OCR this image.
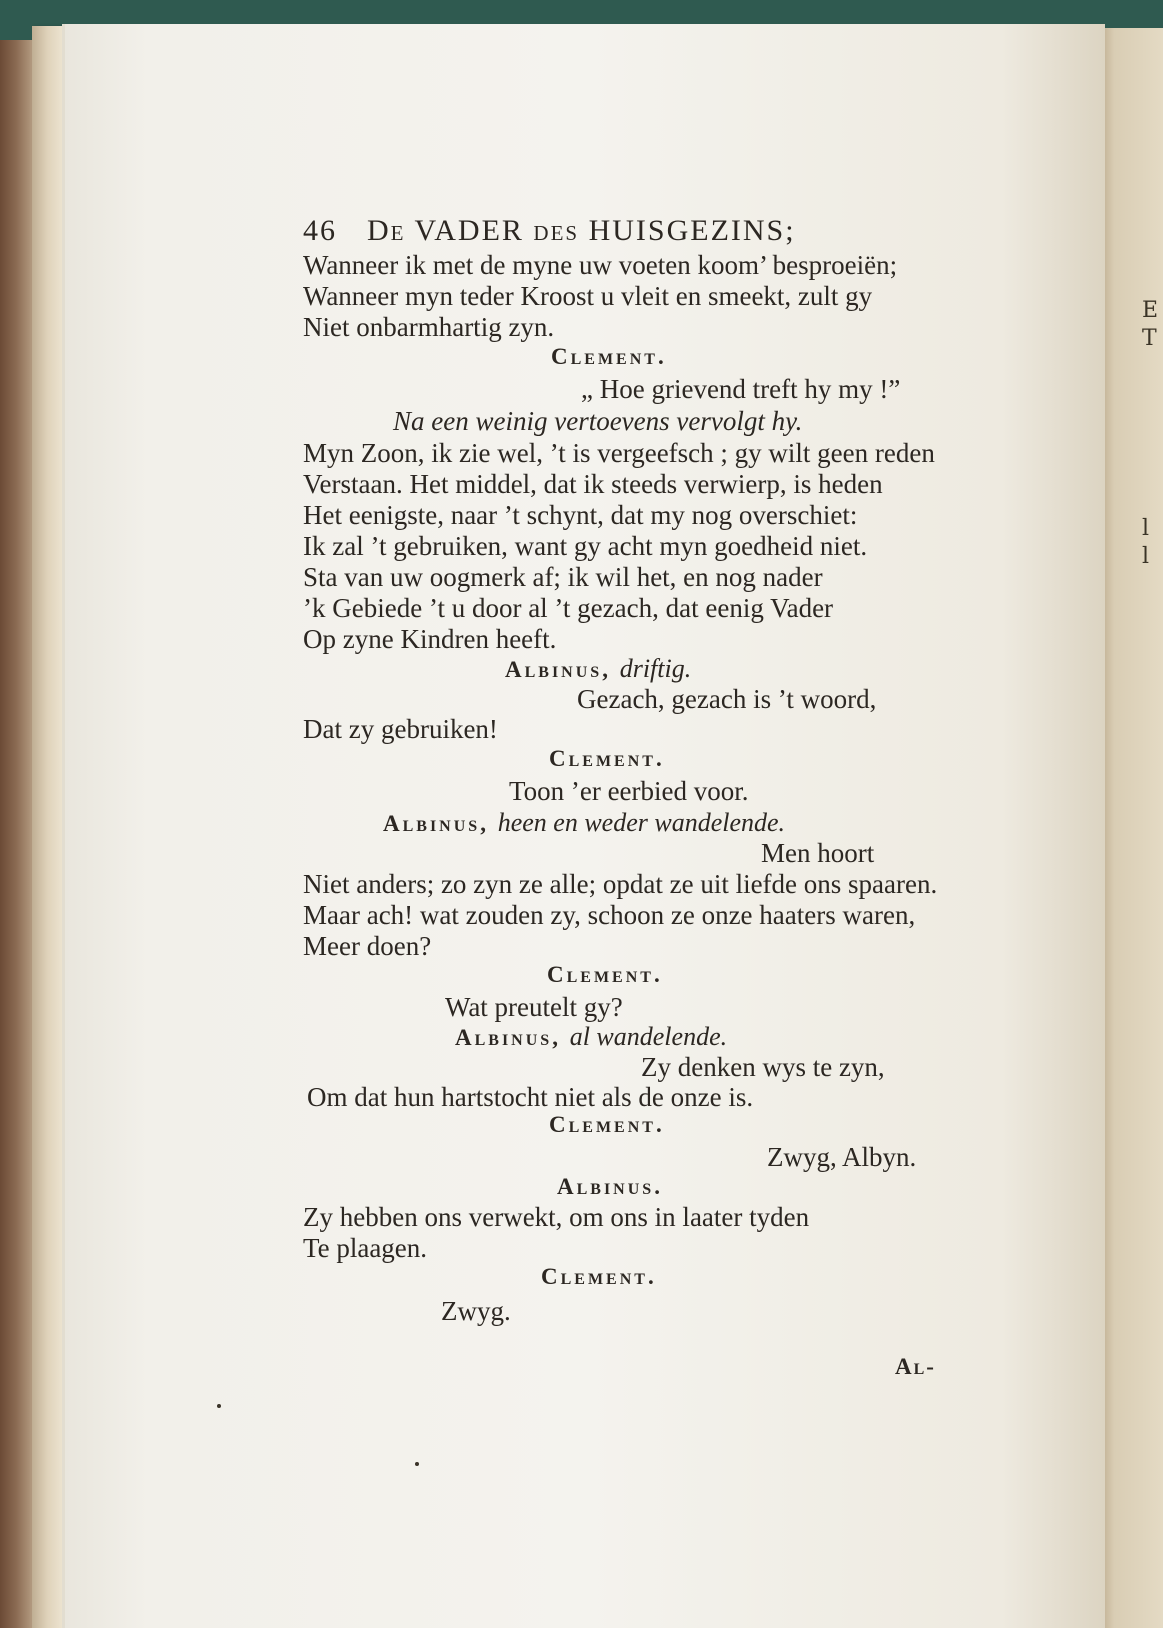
E
T
l
l
46 De VADER des HUISGEZINS;
Wanneer ik met de myne uw voeten koom’ besproeiën;
Wanneer myn teder Kroost u vleit en smeekt, zult gy
Niet onbarmhartig zyn.
Clement.
„ Hoe grievend treft hy my !”
Na een weinig vertoevens vervolgt hy.
Myn Zoon, ik zie wel, ’t is vergeefsch ; gy wilt geen reden
Verstaan. Het middel, dat ik steeds verwierp, is heden
Het eenigste, naar ’t schynt, dat my nog overschiet:
Ik zal ’t gebruiken, want gy acht myn goedheid niet.
Sta van uw oogmerk af; ik wil het, en nog nader
’k Gebiede ’t u door al ’t gezach, dat eenig Vader
Op zyne Kindren heeft.
Albinus, driftig.
Gezach, gezach is ’t woord,
Dat zy gebruiken!
Clement.
Toon ’er eerbied voor.
Albinus, heen en weder wandelende.
Men hoort
Niet anders; zo zyn ze alle; opdat ze uit liefde ons spaaren.
Maar ach! wat zouden zy, schoon ze onze haaters waren,
Meer doen?
Clement.
Wat preutelt gy?
Albinus, al wandelende.
Zy denken wys te zyn,
Om dat hun hartstocht niet als de onze is.
Clement.
Zwyg, Albyn.
Albinus.
Zy hebben ons verwekt, om ons in laater tyden
Te plaagen.
Clement.
Zwyg.
Al-
